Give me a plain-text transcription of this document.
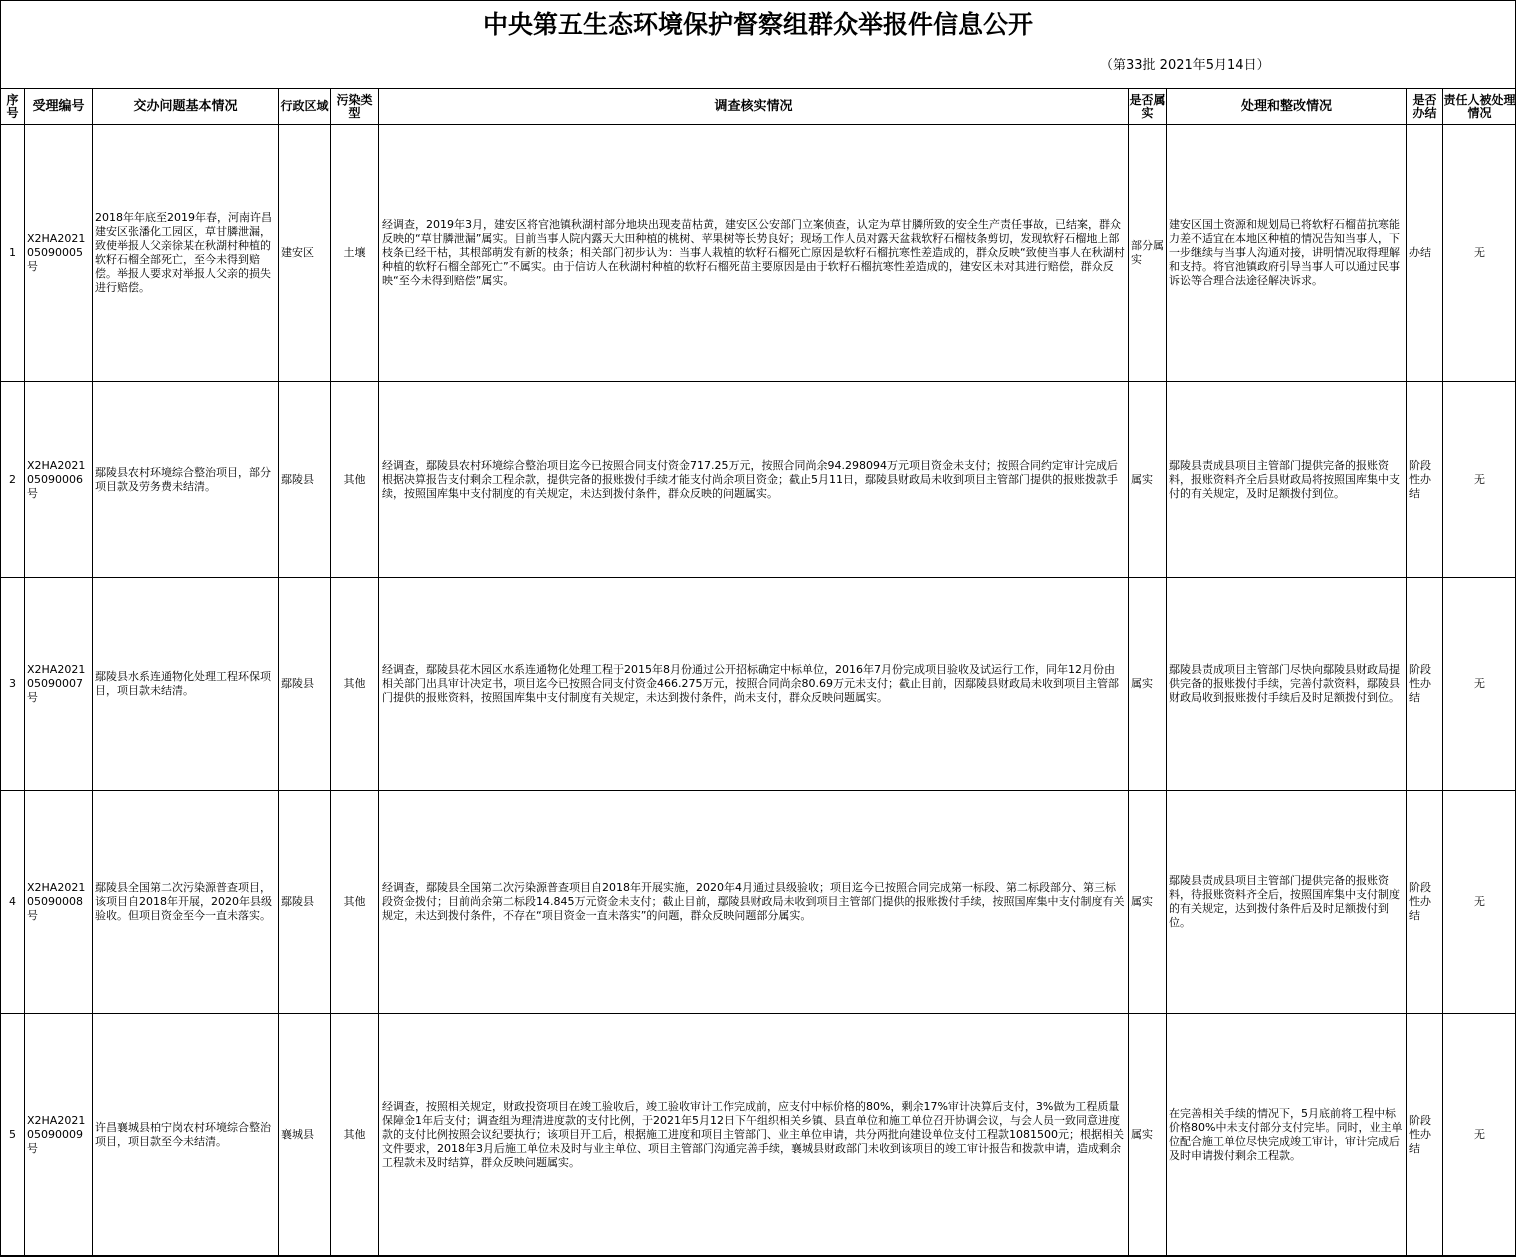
中央第五生态环境保护督察组群众举报件信息公开
（第33批 2021年5月14日）
序号	受理编号	交办问题基本情况	行政区域	污染类型	调查核实情况	是否属实	处理和整改情况	是否办结	责任人被处理情况
1	X2HA202105090005号	2018年年底至2019年春，河南许昌建安区张潘化工园区，草甘膦泄漏，致使举报人父亲徐某在秋湖村种植的软籽石榴全部死亡，至今未得到赔偿。举报人要求对举报人父亲的损失进行赔偿。	建安区	土壤	经调查，2019年3月，建安区将官池镇秋湖村部分地块出现麦苗枯黄，建安区公安部门立案侦查，认定为草甘膦所致的安全生产责任事故，已结案，群众反映的“草甘膦泄漏”属实。目前当事人院内露天大田种植的桃树、苹果树等长势良好；现场工作人员对露天盆栽软籽石榴枝条剪切，发现软籽石榴地上部枝条已经干枯，其根部萌发有新的枝条；相关部门初步认为：当事人栽植的软籽石榴死亡原因是软籽石榴抗寒性差造成的，群众反映“致使当事人在秋湖村种植的软籽石榴全部死亡”不属实。由于信访人在秋湖村种植的软籽石榴死苗主要原因是由于软籽石榴抗寒性差造成的，建安区未对其进行赔偿，群众反映“至今未得到赔偿”属实。	部分属实	建安区国土资源和规划局已将软籽石榴苗抗寒能力差不适宜在本地区种植的情况告知当事人，下一步继续与当事人沟通对接，讲明情况取得理解和支持。将官池镇政府引导当事人可以通过民事诉讼等合理合法途径解决诉求。	办结	无
2	X2HA202105090006号	鄢陵县农村环境综合整治项目，部分项目款及劳务费未结清。	鄢陵县	其他	经调查，鄢陵县农村环境综合整治项目迄今已按照合同支付资金717.25万元，按照合同尚余94.298094万元项目资金未支付；按照合同约定审计完成后根据决算报告支付剩余工程余款，提供完备的报账拨付手续才能支付尚余项目资金；截止5月11日，鄢陵县财政局未收到项目主管部门提供的报账拨款手续，按照国库集中支付制度的有关规定，未达到拨付条件，群众反映的问题属实。	属实	鄢陵县责成县项目主管部门提供完备的报账资料，报账资料齐全后县财政局将按照国库集中支付的有关规定，及时足额拨付到位。	阶段性办结	无
3	X2HA202105090007号	鄢陵县水系连通物化处理工程环保项目，项目款未结清。	鄢陵县	其他	经调查，鄢陵县花木园区水系连通物化处理工程于2015年8月份通过公开招标确定中标单位，2016年7月份完成项目验收及试运行工作，同年12月份由相关部门出具审计决定书，项目迄今已按照合同支付资金466.275万元，按照合同尚余80.69万元未支付；截止目前，因鄢陵县财政局未收到项目主管部门提供的报账资料，按照国库集中支付制度有关规定，未达到拨付条件，尚未支付，群众反映问题属实。	属实	鄢陵县责成项目主管部门尽快向鄢陵县财政局提供完备的报账拨付手续，完善付款资料，鄢陵县财政局收到报账拨付手续后及时足额拨付到位。	阶段性办结	无
4	X2HA202105090008号	鄢陵县全国第二次污染源普查项目，该项目自2018年开展，2020年县级验收。但项目资金至今一直未落实。	鄢陵县	其他	经调查，鄢陵县全国第二次污染源普查项目自2018年开展实施，2020年4月通过县级验收；项目迄今已按照合同完成第一标段、第二标段部分、第三标段资金拨付；目前尚余第二标段14.845万元资金未支付；截止目前，鄢陵县财政局未收到项目主管部门提供的报账拨付手续，按照国库集中支付制度有关规定，未达到拨付条件，不存在“项目资金一直未落实”的问题，群众反映问题部分属实。	属实	鄢陵县责成县项目主管部门提供完备的报账资料，待报账资料齐全后，按照国库集中支付制度的有关规定，达到拨付条件后及时足额拨付到位。	阶段性办结	无
5	X2HA202105090009号	许昌襄城县柏宁岗农村环境综合整治项目，项目款至今未结清。	襄城县	其他	经调查，按照相关规定，财政投资项目在竣工验收后，竣工验收审计工作完成前，应支付中标价格的80%，剩余17%审计决算后支付，3%做为工程质量保障金1年后支付；调查组为理清进度款的支付比例，于2021年5月12日下午组织相关乡镇、县直单位和施工单位召开协调会议，与会人员一致同意进度款的支付比例按照会议纪要执行；该项目开工后，根据施工进度和项目主管部门、业主单位申请，共分两批向建设单位支付工程款1081500元；根据相关文件要求，2018年3月后施工单位未及时与业主单位、项目主管部门沟通完善手续，襄城县财政部门未收到该项目的竣工审计报告和拨款申请，造成剩余工程款未及时结算，群众反映问题属实。	属实	在完善相关手续的情况下，5月底前将工程中标价格80%中未支付部分支付完毕。同时，业主单位配合施工单位尽快完成竣工审计，审计完成后及时申请拨付剩余工程款。	阶段性办结	无
